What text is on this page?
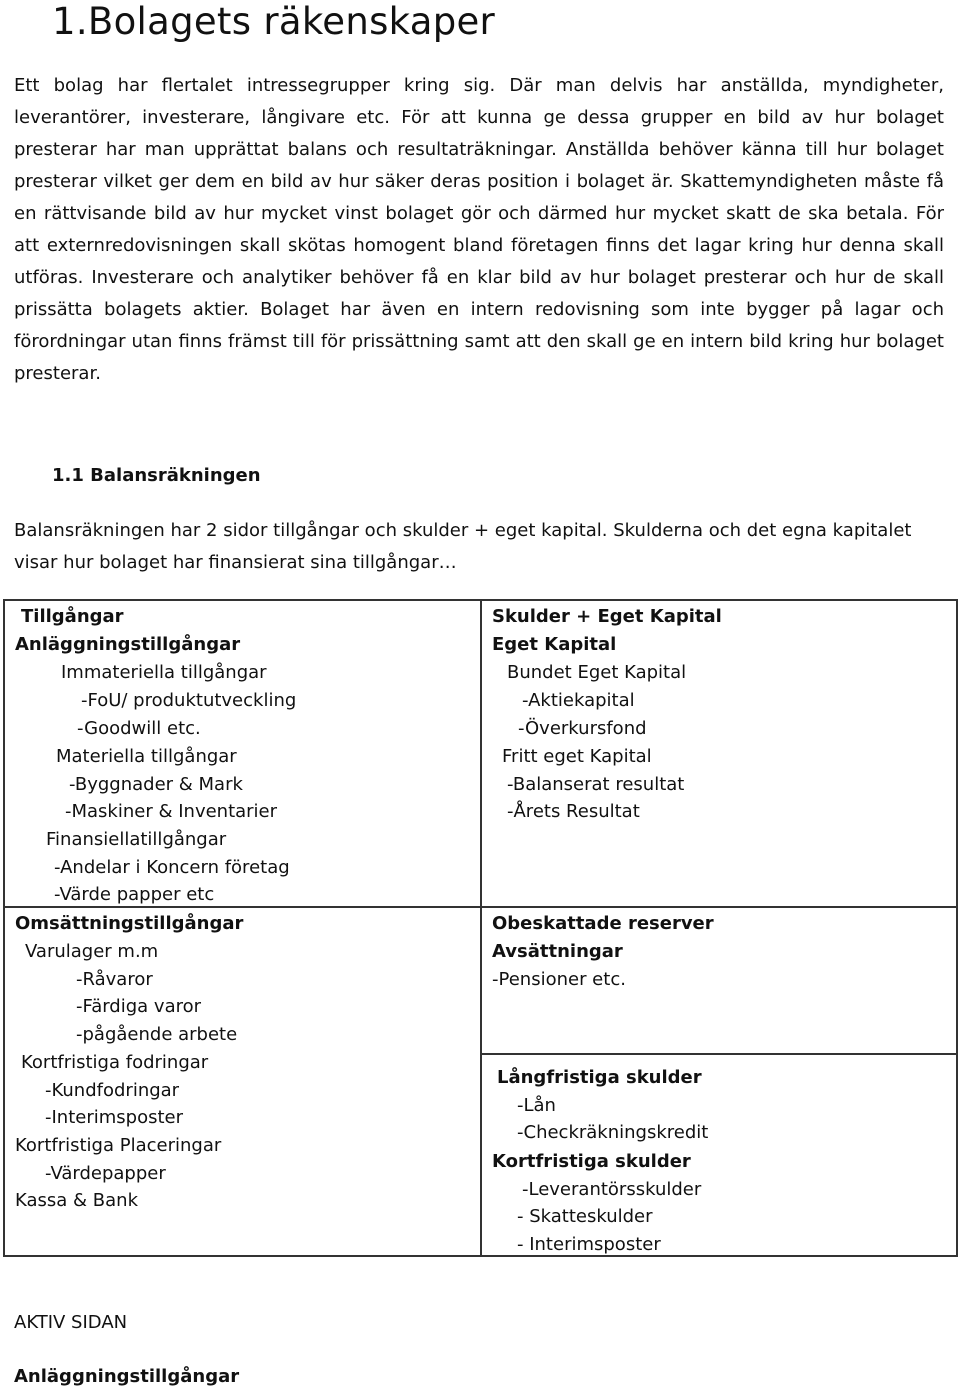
1.Bolagets räkenskaper

Ett bolag har flertalet intressegrupper kring sig. Där man delvis har anställda, myndigheter, leverantörer, investerare, långivare etc. För att kunna ge dessa grupper en bild av hur bolaget presterar har man upprättat balans och resultaträkningar. Anställda behöver känna till hur bolaget presterar vilket ger dem en bild av hur säker deras position i bolaget är. Skattemyndigheten måste få en rättvisande bild av hur mycket vinst bolaget gör och därmed hur mycket skatt de ska betala. För att externredovisningen skall skötas homogent bland företagen finns det lagar kring hur denna skall utföras. Investerare och analytiker behöver få en klar bild av hur bolaget presterar och hur de skall prissätta bolagets aktier. Bolaget har även en intern redovisning som inte bygger på lagar och förordningar utan finns främst till för prissättning samt att den skall ge en intern bild kring hur bolaget presterar.

1.1 Balansräkningen

Balansräkningen har 2 sidor tillgångar och skulder + eget kapital. Skulderna och det egna kapitalet visar hur bolaget har finansierat sina tillgångar…

Tillgångar
Anläggningstillgångar
Immateriella tillgångar
-FoU/ produktutveckling
-Goodwill etc.
Materiella tillgångar
-Byggnader & Mark
-Maskiner & Inventarier
Finansiellatillgångar
-Andelar i Koncern företag
-Värde papper etc
Omsättningstillgångar
Varulager m.m
-Råvaror
-Färdiga varor
-pågående arbete
Kortfristiga fodringar
-Kundfodringar
-Interimsposter
Kortfristiga Placeringar
-Värdepapper
Kassa & Bank
Skulder + Eget Kapital
Eget Kapital
Bundet Eget Kapital
-Aktiekapital
-Överkursfond
Fritt eget Kapital
-Balanserat resultat
-Årets Resultat
Obeskattade reserver
Avsättningar
-Pensioner etc.
Långfristiga skulder
-Lån
-Checkräkningskredit
Kortfristiga skulder
-Leverantörsskulder
- Skatteskulder
- Interimsposter
AKTIV SIDAN
Anläggningstillgångar
